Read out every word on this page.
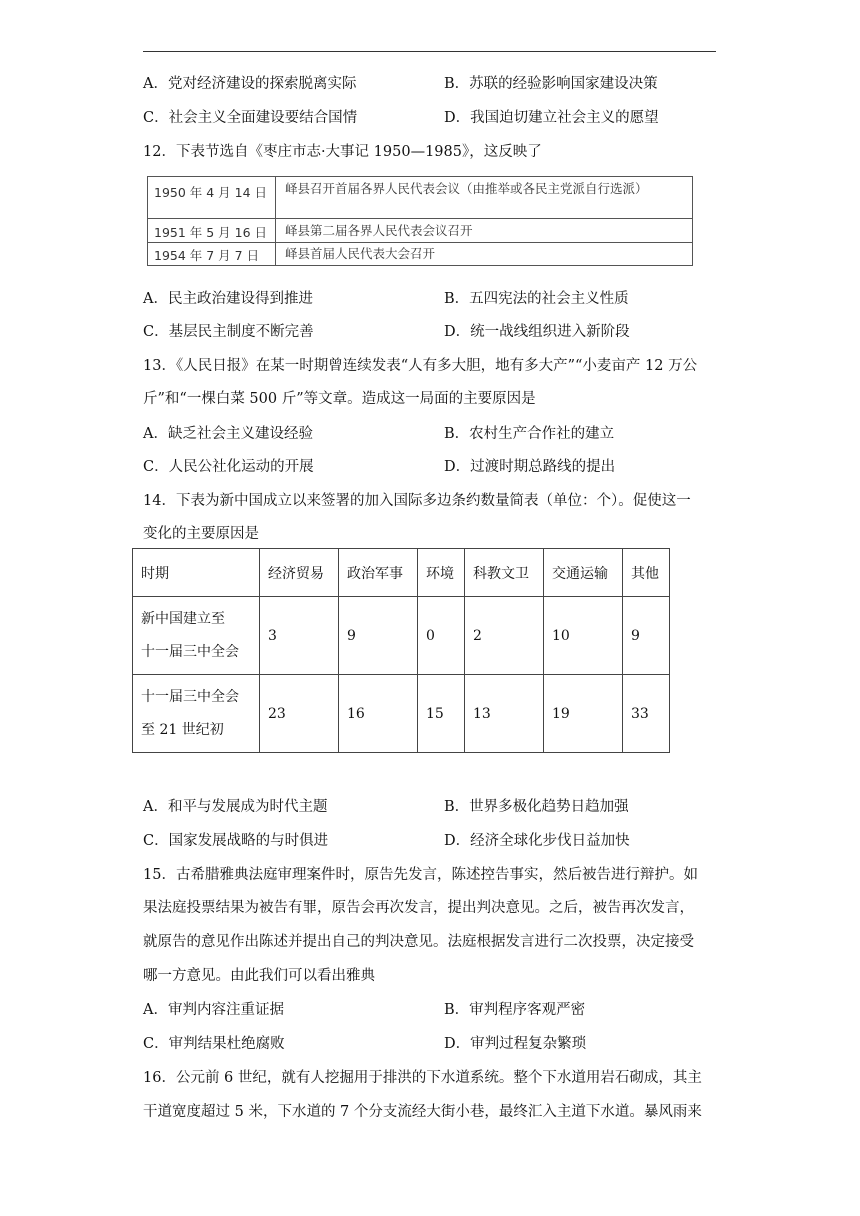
A．党对经济建设的探索脱离实际	B．苏联的经验影响国家建设决策
C．社会主义全面建设要结合国情	D．我国迫切建立社会主义的愿望
12．下表节选自《枣庄市志·大事记 1950—1985》，这反映了
1950 年 4 月 14 日 峄县召开首届各界人民代表会议（由推举或各民主党派自行选派）
1951 年 5 月 16 日 峄县第二届各界人民代表会议召开
1954 年 7 月 7 日 峄县首届人民代表大会召开
A．民主政治建设得到推进	B．五四宪法的社会主义性质
C．基层民主制度不断完善	D．统一战线组织进入新阶段
13．《人民日报》在某一时期曾连续发表“人有多大胆，地有多大产”“小麦亩产 12 万公
斤”和“一棵白菜 500 斤”等文章。造成这一局面的主要原因是
A．缺乏社会主义建设经验	B．农村生产合作社的建立
C．人民公社化运动的开展	D．过渡时期总路线的提出
14．下表为新中国成立以来签署的加入国际多边条约数量简表（单位：个）。促使这一
变化的主要原因是
时期	经济贸易	政治军事	环境	科教文卫	交通运输	其他

新中国建立至
十一届三中全会	3	9	0	2	10	9

十一届三中全会
至 21 世纪初	23	16	15	13	19	33
A．和平与发展成为时代主题	B．世界多极化趋势日趋加强
C．国家发展战略的与时俱进	D．经济全球化步伐日益加快
15．古希腊雅典法庭审理案件时，原告先发言，陈述控告事实，然后被告进行辩护。如
果法庭投票结果为被告有罪，原告会再次发言，提出判决意见。之后，被告再次发言，
就原告的意见作出陈述并提出自己的判决意见。法庭根据发言进行二次投票，决定接受
哪一方意见。由此我们可以看出雅典
A．审判内容注重证据	B．审判程序客观严密
C．审判结果杜绝腐败	D．审判过程复杂繁琐
16．公元前 6 世纪，就有人挖掘用于排洪的下水道系统。整个下水道用岩石砌成，其主
干道宽度超过 5 米，下水道的 7 个分支流经大街小巷，最终汇入主道下水道。暴风雨来
